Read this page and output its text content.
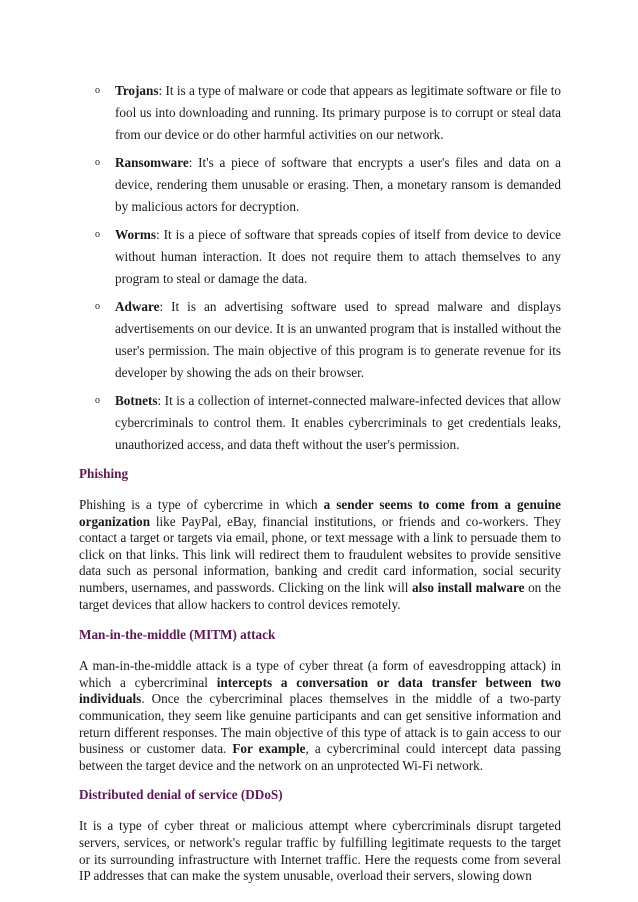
o Trojans: It is a type of malware or code that appears as legitimate software or file to fool us into downloading and running. Its primary purpose is to corrupt or steal data from our device or do other harmful activities on our network.
o Ransomware: It's a piece of software that encrypts a user's files and data on a device, rendering them unusable or erasing. Then, a monetary ransom is demanded by malicious actors for decryption.
o Worms: It is a piece of software that spreads copies of itself from device to device without human interaction. It does not require them to attach themselves to any program to steal or damage the data.
o Adware: It is an advertising software used to spread malware and displays advertisements on our device. It is an unwanted program that is installed without the user's permission. The main objective of this program is to generate revenue for its developer by showing the ads on their browser.
o Botnets: It is a collection of internet-connected malware-infected devices that allow cybercriminals to control them. It enables cybercriminals to get credentials leaks, unauthorized access, and data theft without the user's permission.
Phishing

Phishing is a type of cybercrime in which a sender seems to come from a genuine organization like PayPal, eBay, financial institutions, or friends and co-workers. They contact a target or targets via email, phone, or text message with a link to persuade them to click on that links. This link will redirect them to fraudulent websites to provide sensitive data such as personal information, banking and credit card information, social security numbers, usernames, and passwords. Clicking on the link will also install malware on the target devices that allow hackers to control devices remotely.

Man-in-the-middle (MITM) attack

A man-in-the-middle attack is a type of cyber threat (a form of eavesdropping attack) in which a cybercriminal intercepts a conversation or data transfer between two individuals. Once the cybercriminal places themselves in the middle of a two-party communication, they seem like genuine participants and can get sensitive information and return different responses. The main objective of this type of attack is to gain access to our business or customer data. For example, a cybercriminal could intercept data passing between the target device and the network on an unprotected Wi-Fi network.

Distributed denial of service (DDoS)

It is a type of cyber threat or malicious attempt where cybercriminals disrupt targeted servers, services, or network's regular traffic by fulfilling legitimate requests to the target or its surrounding infrastructure with Internet traffic. Here the requests come from several IP addresses that can make the system unusable, overload their servers, slowing down
